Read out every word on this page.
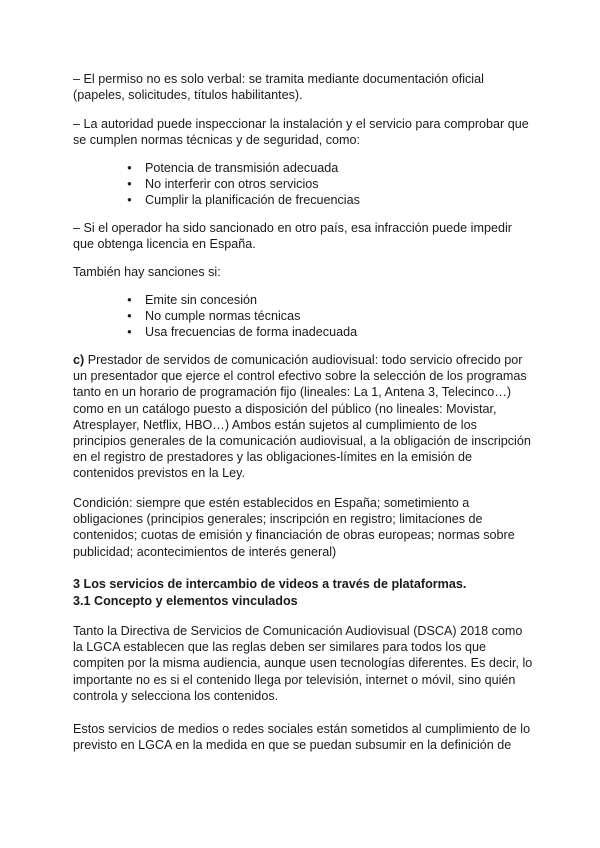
– El permiso no es solo verbal: se tramita mediante documentación oficial (papeles, solicitudes, títulos habilitantes).

– La autoridad puede inspeccionar la instalación y el servicio para comprobar que se cumplen normas técnicas y de seguridad, como:

● Potencia de transmisión adecuada
● No interferir con otros servicios
● Cumplir la planificación de frecuencias

– Si el operador ha sido sancionado en otro país, esa infracción puede impedir que obtenga licencia en España.

También hay sanciones si:

● Emite sin concesión
● No cumple normas técnicas
● Usa frecuencias de forma inadecuada

c) Prestador de servidos de comunicación audiovisual: todo servicio ofrecido por un presentador que ejerce el control efectivo sobre la selección de los programas tanto en un horario de programación fijo (lineales: La 1, Antena 3, Telecinco…) como en un catálogo puesto a disposición del público (no lineales: Movistar, Atresplayer, Netflix, HBO…) Ambos están sujetos al cumplimiento de los principios generales de la comunicación audiovisual, a la obligación de inscripción en el registro de prestadores y las obligaciones-límites en la emisión de contenidos previstos en la Ley.

Condición: siempre que estén establecidos en España; sometimiento a obligaciones (principios generales; inscripción en registro; limitaciones de contenidos; cuotas de emisión y financiación de obras europeas; normas sobre publicidad; acontecimientos de interés general)

3 Los servicios de intercambio de videos a través de plataformas.
3.1 Concepto y elementos vinculados

Tanto la Directiva de Servicios de Comunicación Audiovisual (DSCA) 2018 como la LGCA establecen que las reglas deben ser similares para todos los que compiten por la misma audiencia, aunque usen tecnologías diferentes. Es decir, lo importante no es si el contenido llega por televisión, internet o móvil, sino quién controla y selecciona los contenidos.

Estos servicios de medios o redes sociales están sometidos al cumplimiento de lo previsto en LGCA en la medida en que se puedan subsumir en la definición de
